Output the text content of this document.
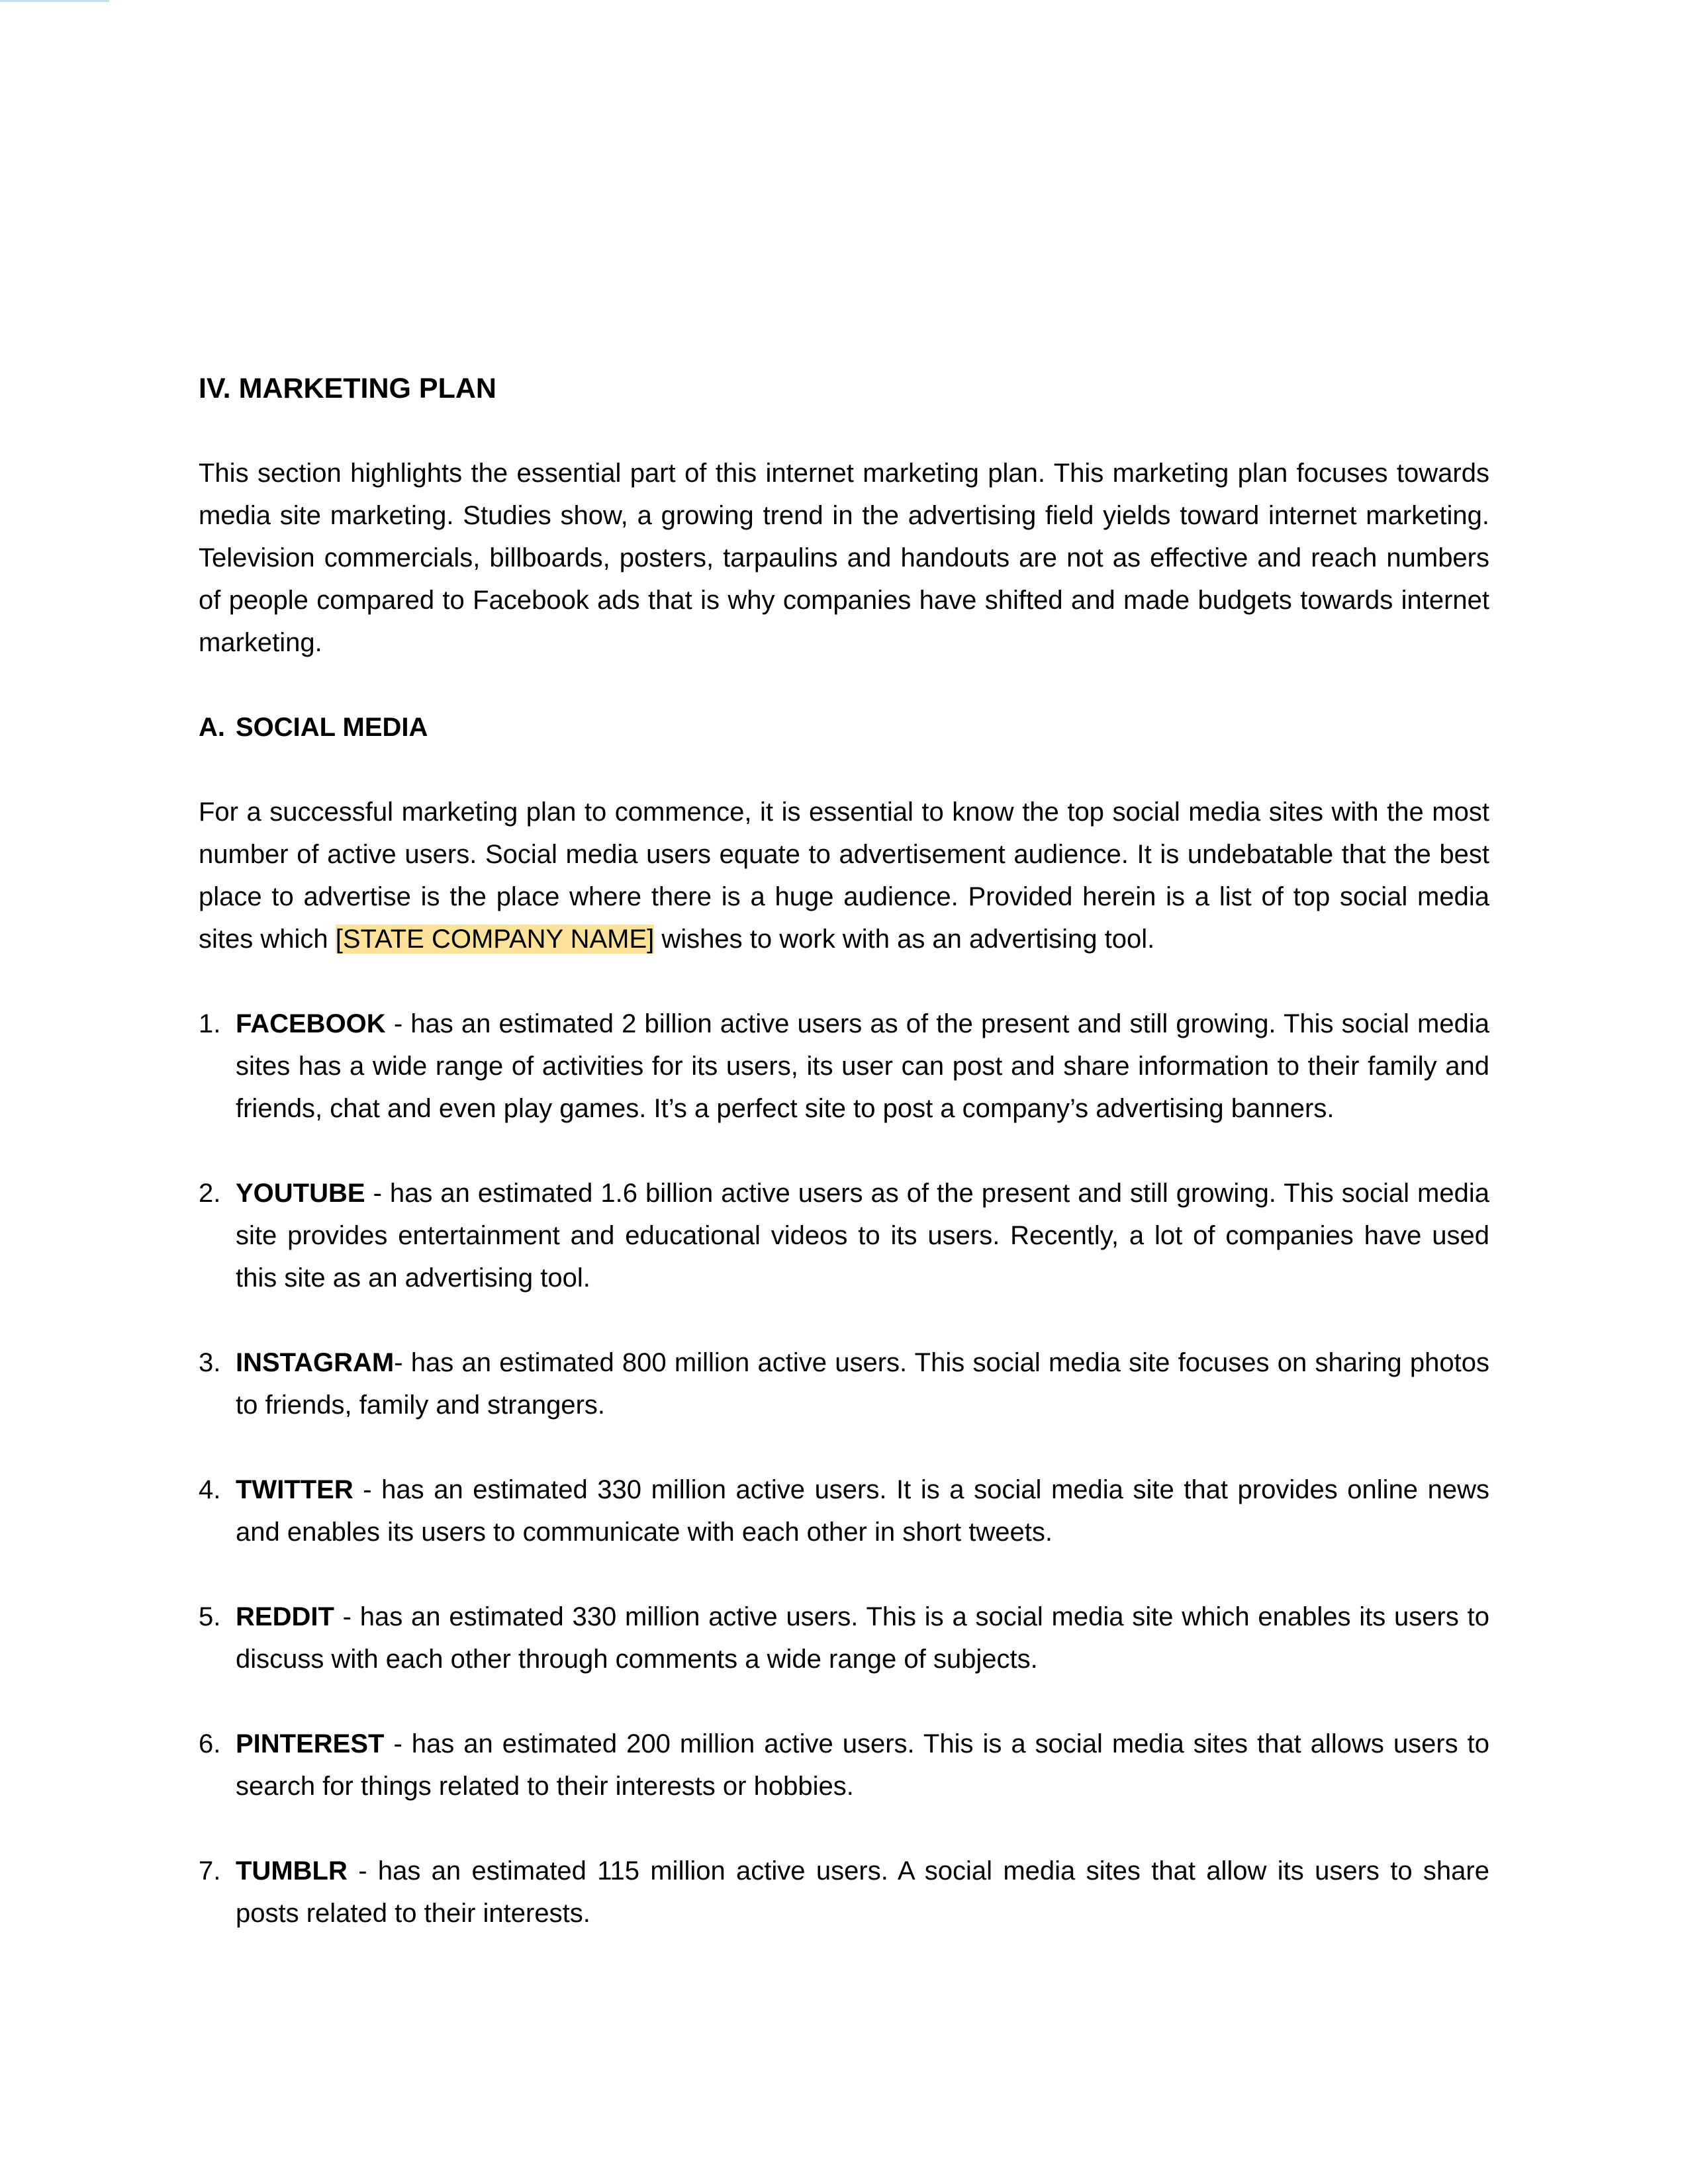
IV. MARKETING PLAN

This section highlights the essential part of this internet marketing plan. This marketing plan focuses towards media site marketing. Studies show, a growing trend in the advertising field yields toward internet marketing. Television commercials, billboards, posters, tarpaulins and handouts are not as effective and reach numbers of people compared to Facebook ads that is why companies have shifted and made budgets towards internet marketing.

A. SOCIAL MEDIA

For a successful marketing plan to commence, it is essential to know the top social media sites with the most number of active users. Social media users equate to advertisement audience. It is undebatable that the best place to advertise is the place where there is a huge audience. Provided herein is a list of top social media sites which [STATE COMPANY NAME] wishes to work with as an advertising tool.

1. FACEBOOK - has an estimated 2 billion active users as of the present and still growing. This social media sites has a wide range of activities for its users, its user can post and share information to their family and friends, chat and even play games. It’s a perfect site to post a company’s advertising banners.
2. YOUTUBE - has an estimated 1.6 billion active users as of the present and still growing. This social media site provides entertainment and educational videos to its users. Recently, a lot of companies have used this site as an advertising tool.
3. INSTAGRAM- has an estimated 800 million active users. This social media site focuses on sharing photos to friends, family and strangers.
4. TWITTER - has an estimated 330 million active users. It is a social media site that provides online news and enables its users to communicate with each other in short tweets.
5. REDDIT - has an estimated 330 million active users. This is a social media site which enables its users to discuss with each other through comments a wide range of subjects.
6. PINTEREST - has an estimated 200 million active users. This is a social media sites that allows users to search for things related to their interests or hobbies.
7. TUMBLR - has an estimated 115 million active users. A social media sites that allow its users to share posts related to their interests.
